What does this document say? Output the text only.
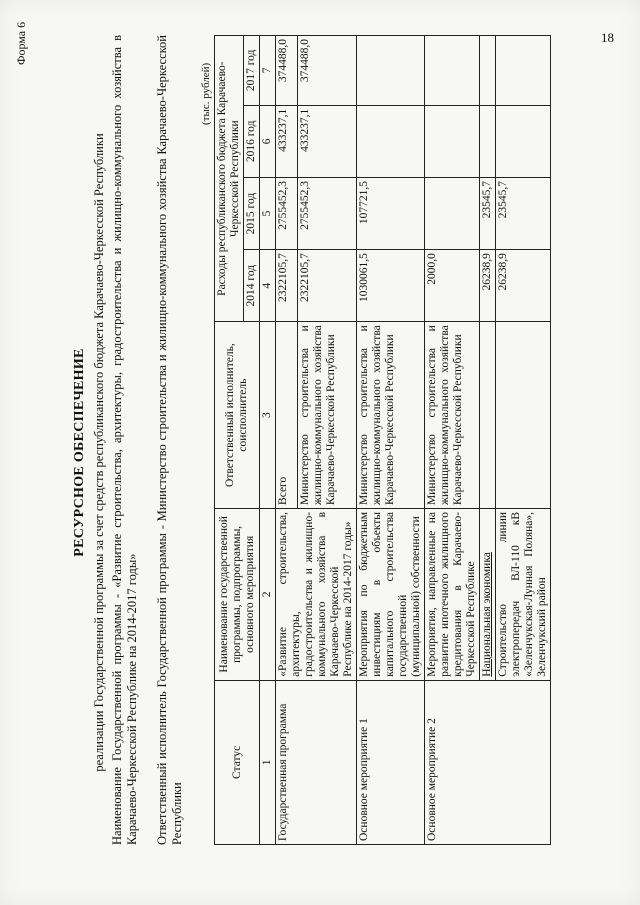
18
Форма 6
РЕСУРСНОЕ ОБЕСПЕЧЕНИЕ реализации Государственной программы за счет средств республиканского бюджета Карачаево-Черкесской Республики Наименование Государственной программы - «Развитие строительства, архитектуры, градостроительства и жилищно-коммунального хозяйства в Карачаево-Черкесской Республике на 2014-2017 годы» Ответственный исполнитель Государственной программы - Министерство строительства и жилищно-коммунального хозяйства Карачаево-Черкесской Республики
(тыс. рублей)
Статус	Наименование государственной программы, подпрограммы, основного мероприятия	Ответственный исполнитель, соисполнитель	Расходы республиканского бюджета Карачаево-Черкесской Республики			
			2014 год	2015 год	2016 год	2017 год
1	2	3	4	5	6	7
Государственная программа	«Развитие строительства, архитектуры, градостроительства и жилищно-коммунального хозяйства в Карачаево-Черкесской Республике на 2014-2017 годы»	Всего	2322105,7	2755452,3	433237,1	374488,0
		Министерство строительства и жилищно-коммунального хозяйства Карачаево-Черкесской Республики	2322105,7	2755452,3	433237,1	374488,0
Основное мероприятие 1	Мероприятия по бюджетным инвестициям в объекты капитального строительства государственной (муниципальной) собственности	Министерство строительства и жилищно-коммунального хозяйства Карачаево-Черкесской Республики	1030061,5	107721,5		
Основное мероприятие 2	Мероприятия, направленные на развитие ипотечного жилищного кредитования в Карачаево-Черкесской Республике	Министерство строительства и жилищно-коммунального хозяйства Карачаево-Черкесской Республики	2000,0			
	Национальная экономика		26238,9	23545,7		
	Строительство линии электропередач ВЛ-110 кВ «Зеленчукская-Лунная Поляна», Зеленчукский район		26238,9	23545,7		
